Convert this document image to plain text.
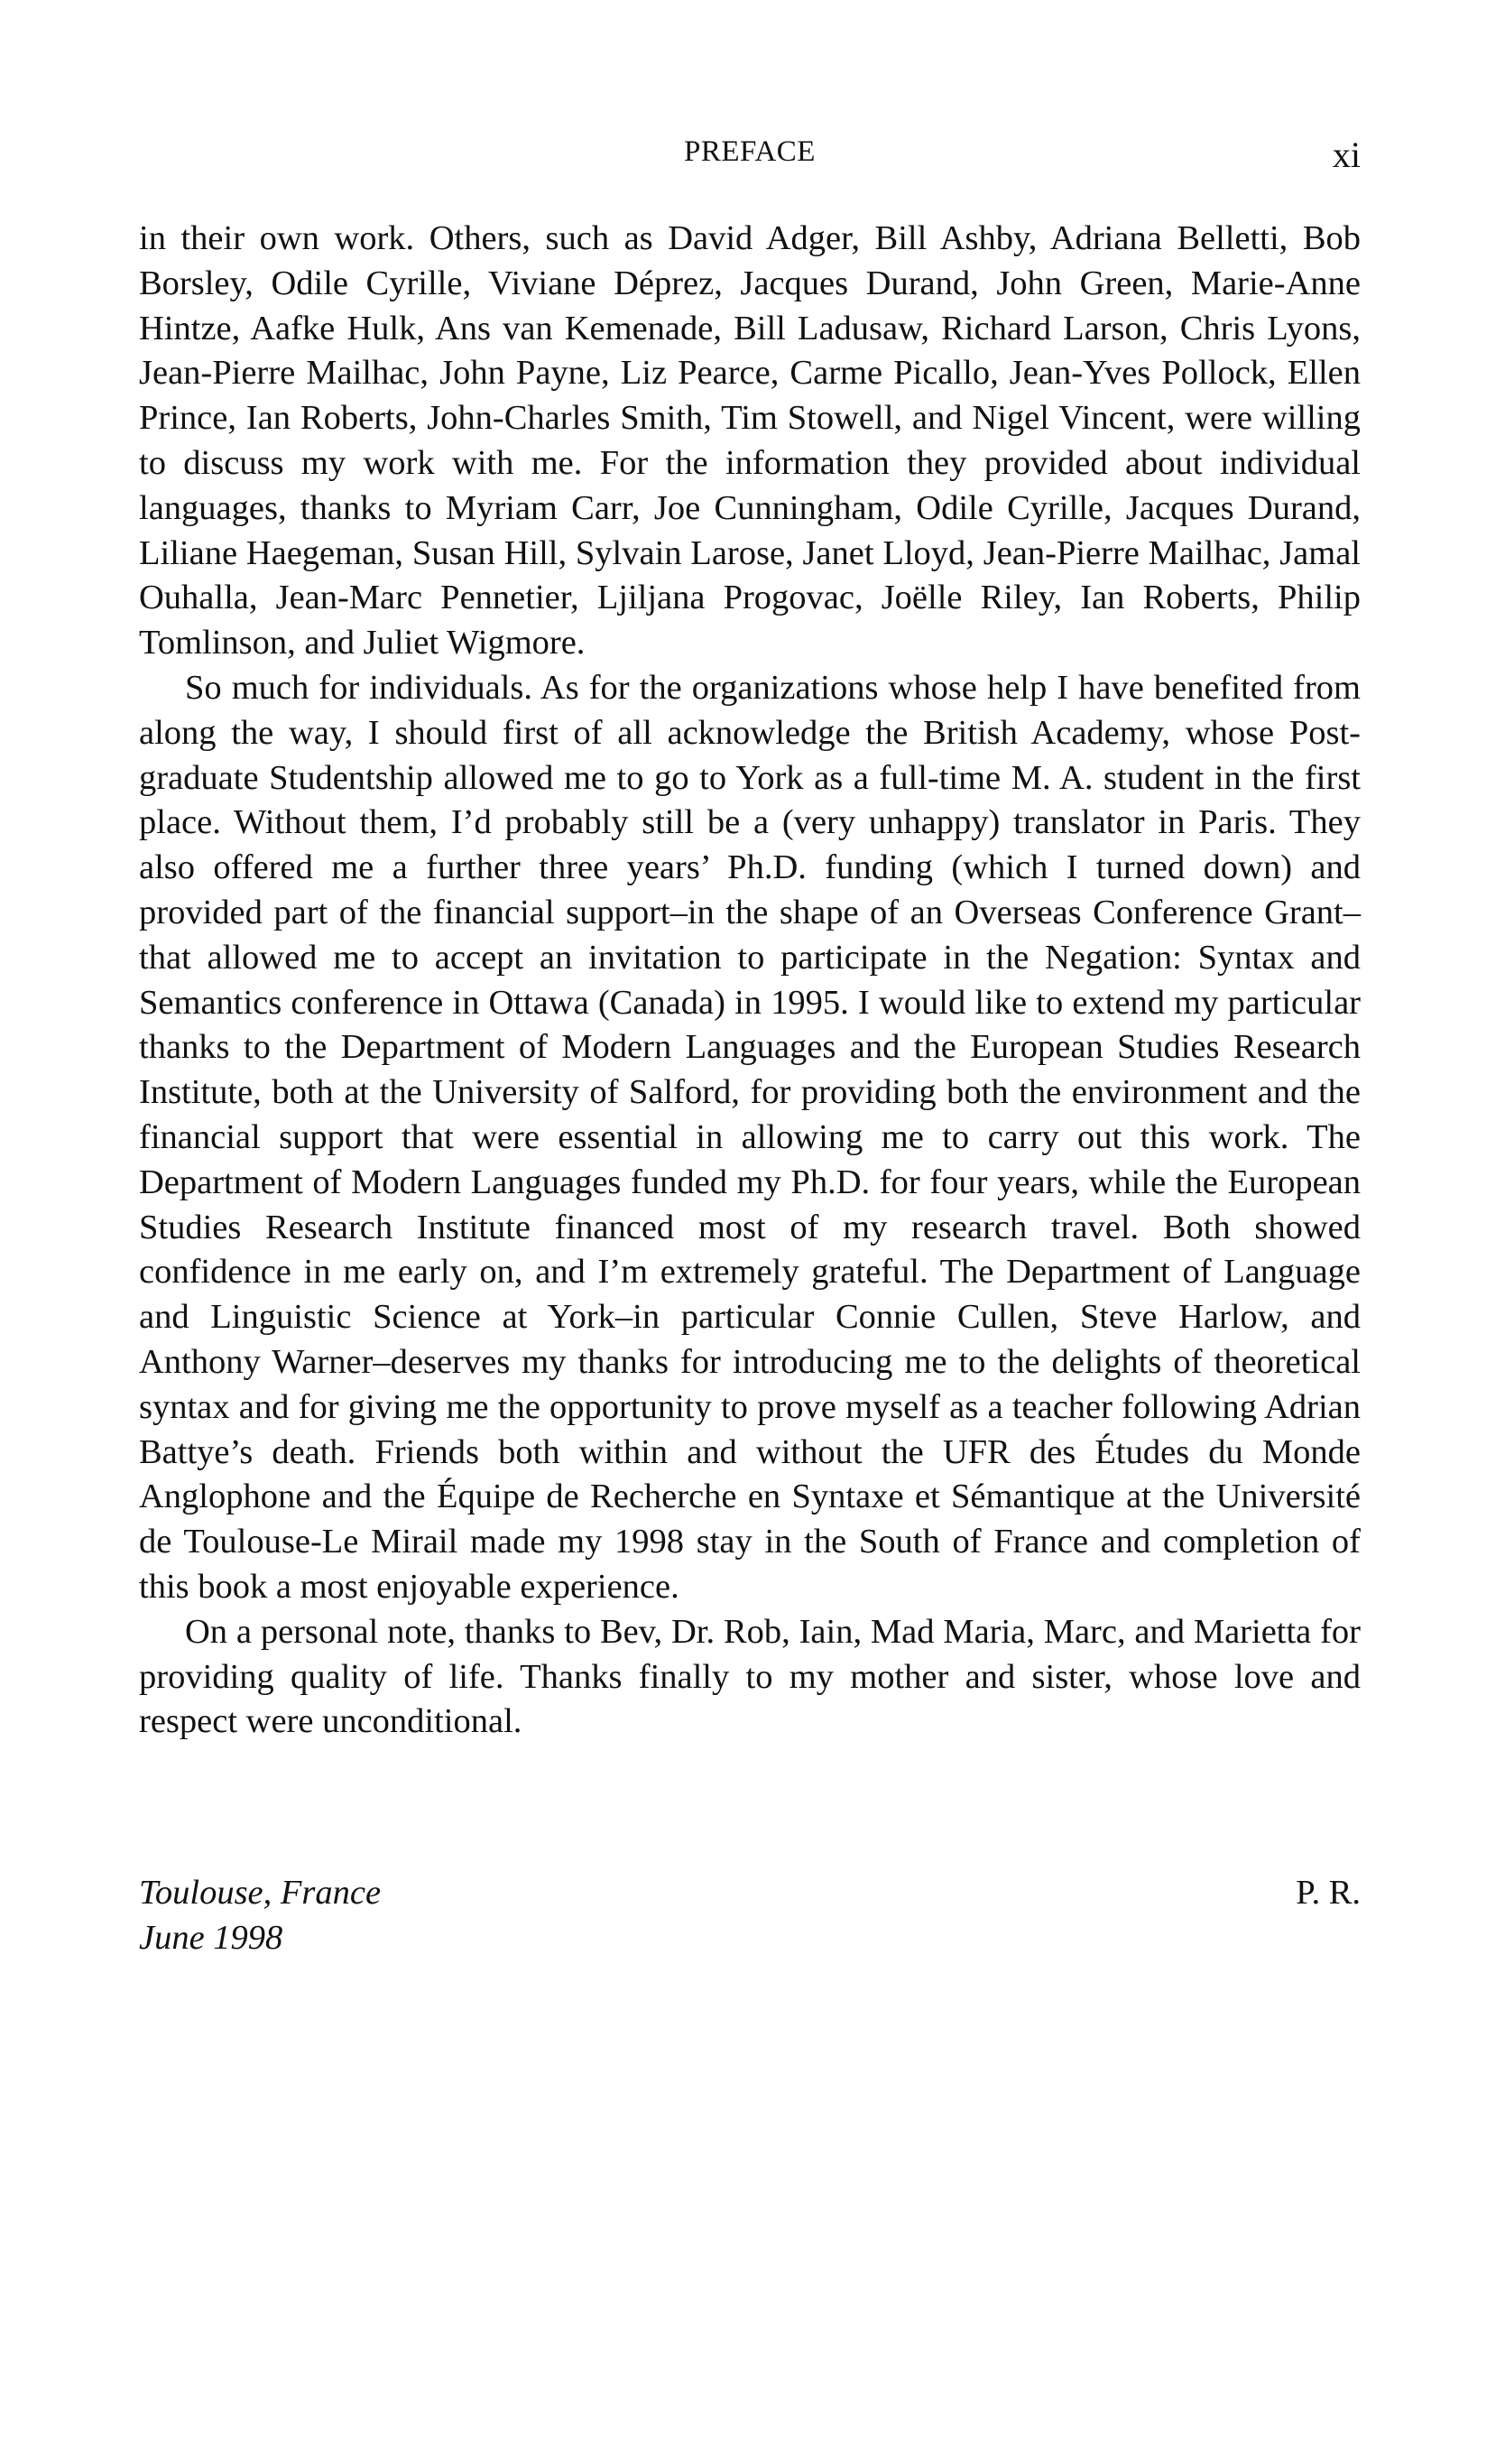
PREFACE	xi

in their own work. Others, such as David Adger, Bill Ashby, Adriana Belletti, Bob Borsley, Odile Cyrille, Viviane Déprez, Jacques Durand, John Green, Marie-Anne Hintze, Aafke Hulk, Ans van Kemenade, Bill Ladusaw, Richard Larson, Chris Lyons, Jean-Pierre Mailhac, John Payne, Liz Pearce, Carme Picallo, Jean-Yves Pollock, Ellen Prince, Ian Roberts, John-Charles Smith, Tim Stowell, and Nigel Vincent, were willing to discuss my work with me. For the information they provided about individual languages, thanks to Myriam Carr, Joe Cunningham, Odile Cyrille, Jacques Durand, Liliane Haegeman, Susan Hill, Sylvain Larose, Janet Lloyd, Jean-Pierre Mailhac, Jamal Ouhalla, Jean-Marc Pennetier, Ljiljana Progovac, Joëlle Riley, Ian Roberts, Philip Tomlinson, and Juliet Wigmore.

So much for individuals. As for the organizations whose help I have benefited from along the way, I should first of all acknowledge the British Academy, whose Post-graduate Studentship allowed me to go to York as a full-time M. A. student in the first place. Without them, I’d probably still be a (very unhappy) translator in Paris. They also offered me a further three years’ Ph.D. funding (which I turned down) and provided part of the financial support–in the shape of an Overseas Conference Grant–that allowed me to accept an invitation to participate in the Negation: Syntax and Semantics conference in Ottawa (Canada) in 1995. I would like to extend my particular thanks to the Department of Modern Languages and the European Studies Research Institute, both at the University of Salford, for providing both the environment and the financial support that were essential in allowing me to carry out this work. The Department of Modern Languages funded my Ph.D. for four years, while the European Studies Research Institute financed most of my research travel. Both showed confidence in me early on, and I’m extremely grateful. The Department of Language and Linguistic Science at York–in particular Connie Cullen, Steve Harlow, and Anthony Warner–deserves my thanks for introducing me to the delights of theoretical syntax and for giving me the opportunity to prove myself as a teacher following Adrian Battye’s death. Friends both within and without the UFR des Études du Monde Anglophone and the Équipe de Recherche en Syntaxe et Sémantique at the Université de Toulouse-Le Mirail made my 1998 stay in the South of France and completion of this book a most enjoyable experience.

On a personal note, thanks to Bev, Dr. Rob, Iain, Mad Maria, Marc, and Marietta for providing quality of life. Thanks finally to my mother and sister, whose love and respect were unconditional.

Toulouse, France
June 1998
P. R.
